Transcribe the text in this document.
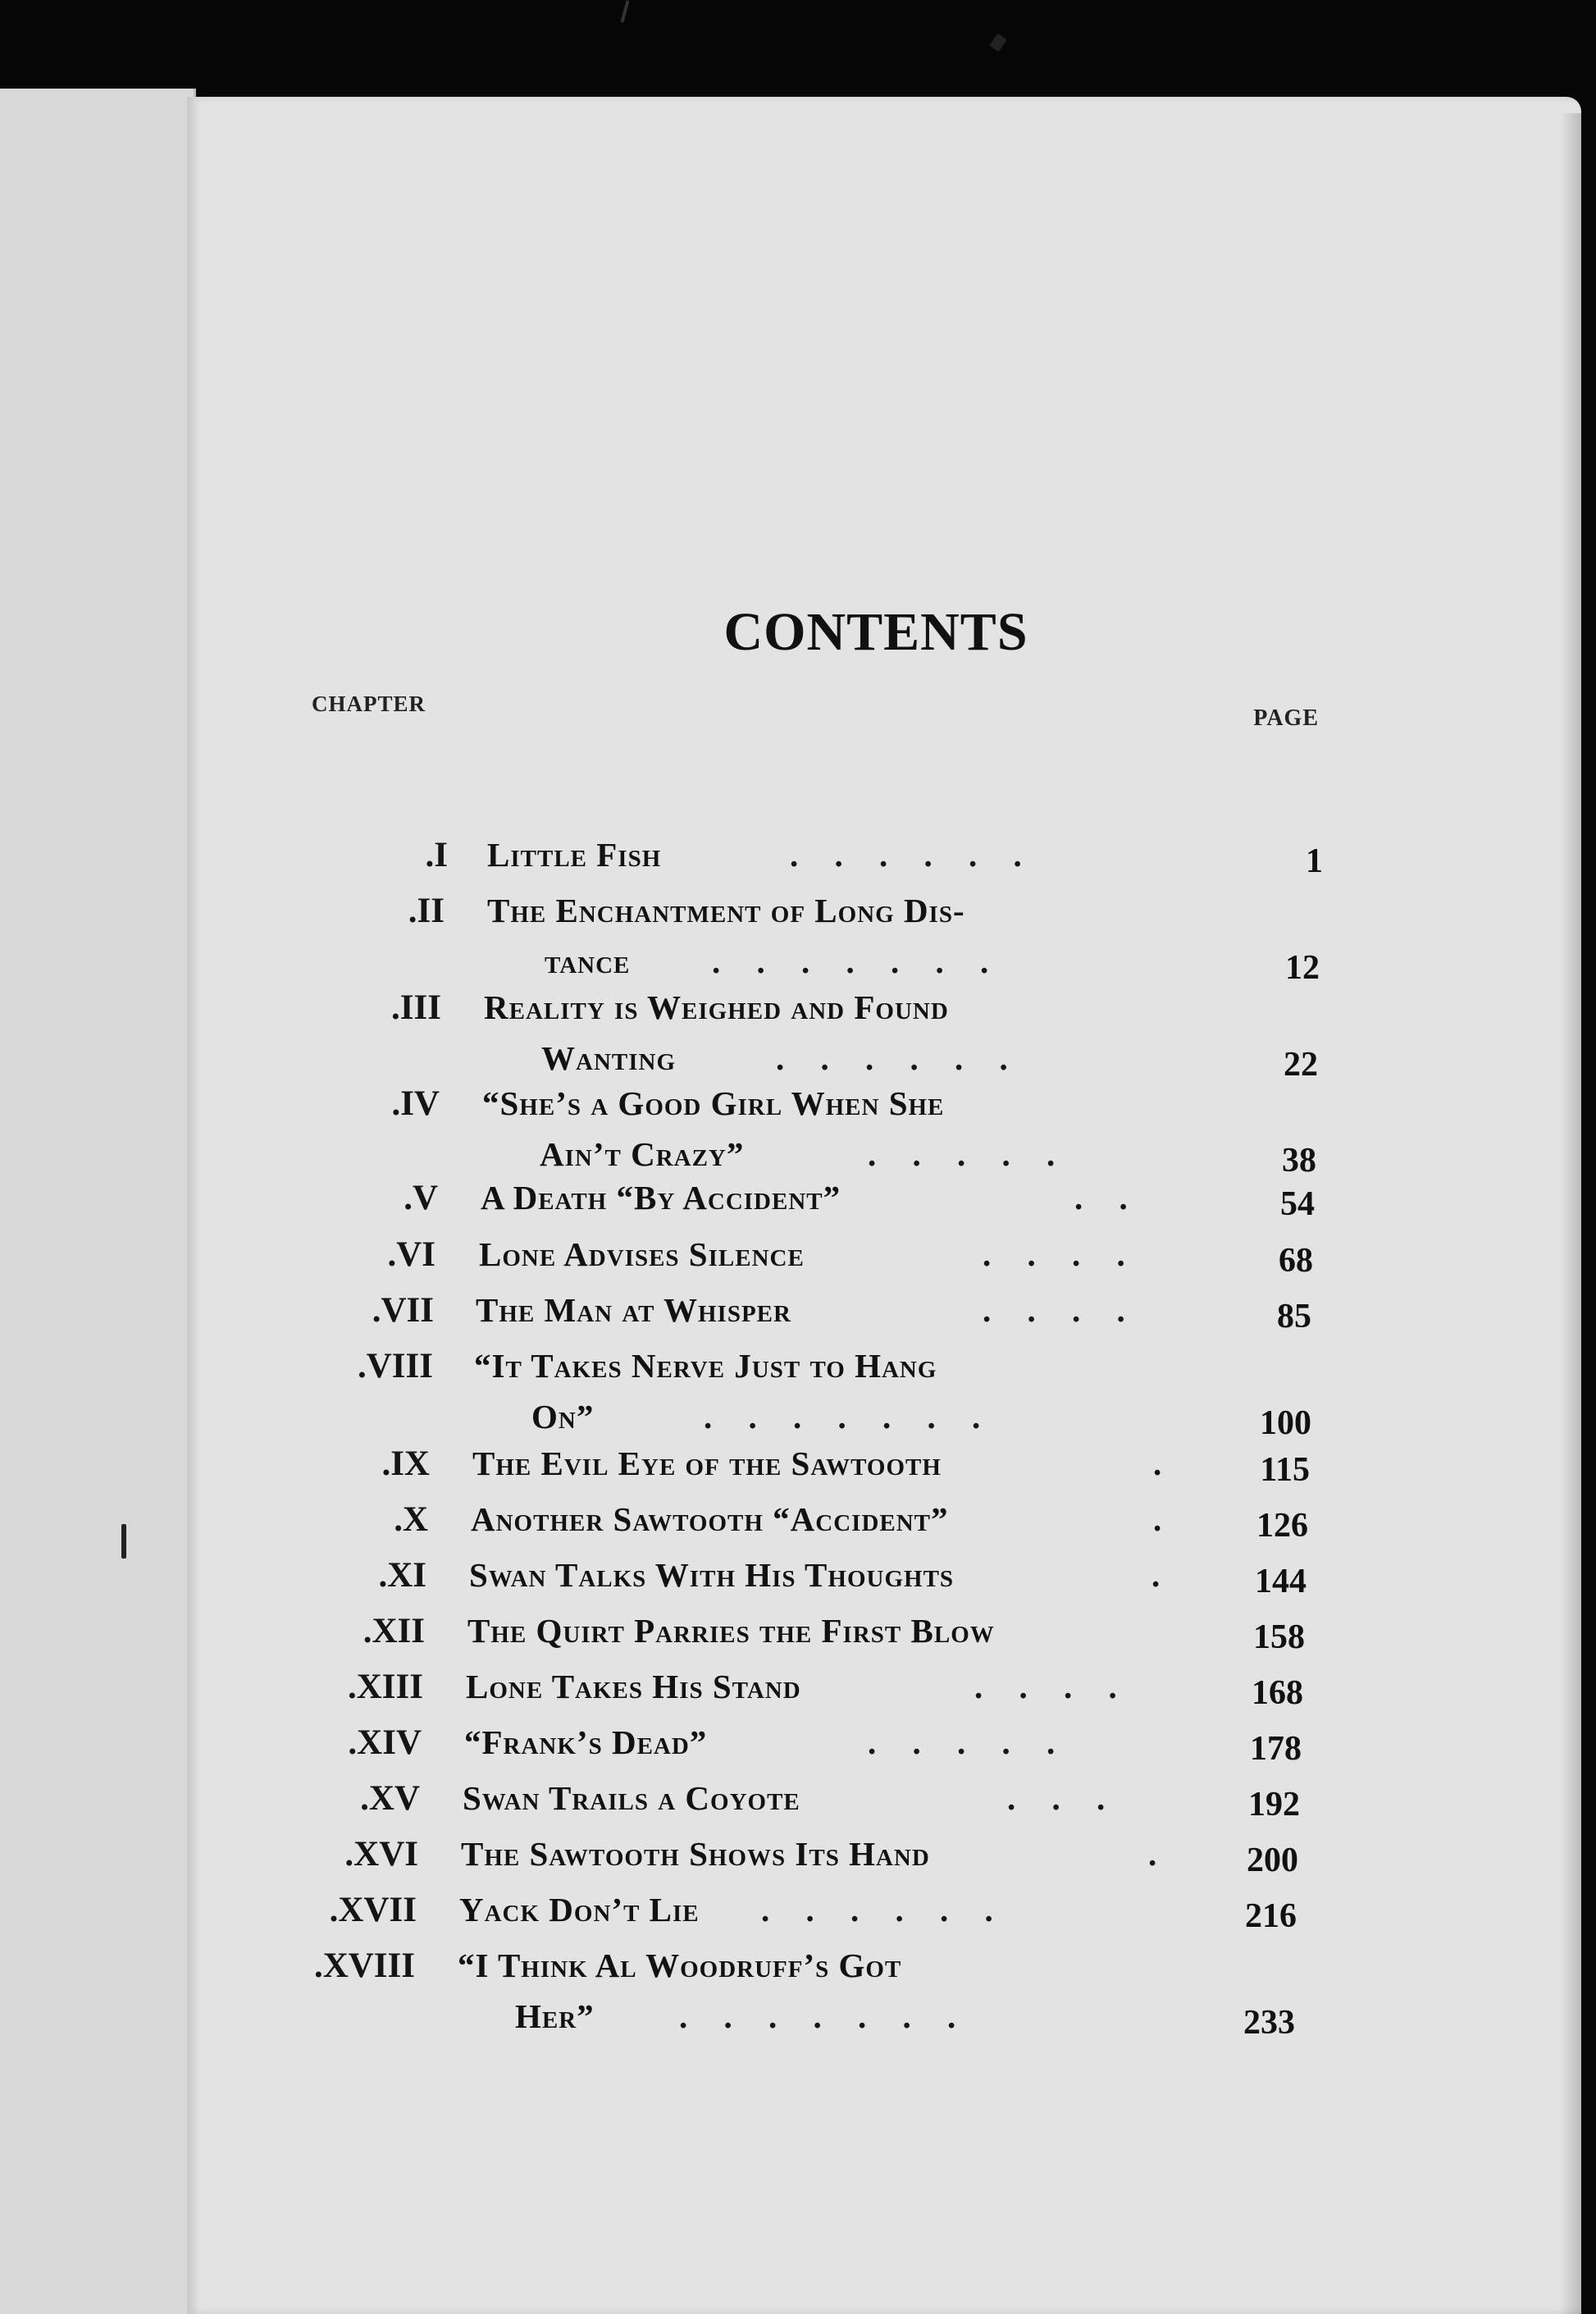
CONTENTS
CHAPTER
PAGE
I. Little Fish	. . . . . .	1
II. The Enchantment of Long Dis-
tance . . . . . . .	12
III. Reality is Weighed and Found
Wanting	. . . . . .	22
IV. “She’s a Good Girl When She
Ain’t Crazy”	. . . . .	38
V. A Death “By Accident”	. .	54
VI. Lone Advises Silence	. . . .	68
VII. The Man at Whisper	. . . .	85
VIII. “It Takes Nerve Just to Hang
On”	. . . . . . .	100
IX. The Evil Eye of the Sawtooth	.	115
X. Another Sawtooth “Accident”	.	126
XI. Swan Talks With His Thoughts	.	144
XII. The Quirt Parries the First Blow	158
XIII. Lone Takes His Stand	. . . .	168
XIV. “Frank’s Dead”	. . . . .	178
XV. Swan Trails a Coyote	. . .	192
XVI. The Sawtooth Shows Its Hand	.	200
XVII. Yack Don’t Lie . . . . . .	216
XVIII. “I Think Al Woodruff’s Got
Her”	. . . . . . .	233
